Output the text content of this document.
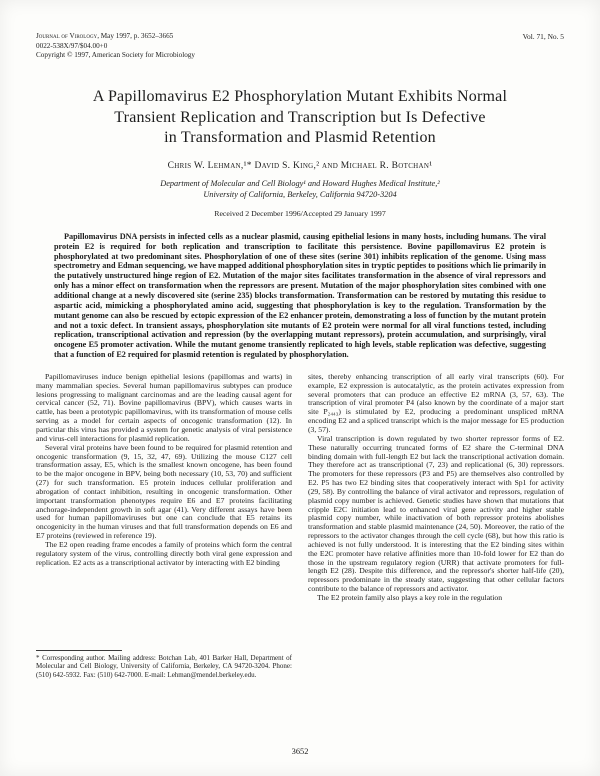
Journal of Virology, May 1997, p. 3652–3665
0022-538X/97/$04.00+0
Copyright © 1997, American Society for Microbiology
Vol. 71, No. 5
A Papillomavirus E2 Phosphorylation Mutant Exhibits Normal
Transient Replication and Transcription but Is Defective
in Transformation and Plasmid Retention
Chris W. Lehman,¹* David S. King,² and Michael R. Botchan¹
Department of Molecular and Cell Biology¹ and Howard Hughes Medical Institute,²
University of California, Berkeley, California 94720-3204
Received 2 December 1996/Accepted 29 January 1997

Papillomavirus DNA persists in infected cells as a nuclear plasmid, causing epithelial lesions in many hosts, including humans. The viral protein E2 is required for both replication and transcription to facilitate this persistence. Bovine papillomavirus E2 protein is phosphorylated at two predominant sites. Phosphorylation of one of these sites (serine 301) inhibits replication of the genome. Using mass spectrometry and Edman sequencing, we have mapped additional phosphorylation sites in tryptic peptides to positions which lie primarily in the putatively unstructured hinge region of E2. Mutation of the major sites facilitates transformation in the absence of viral repressors and only has a minor effect on transformation when the repressors are present. Mutation of the major phosphorylation sites combined with one additional change at a newly discovered site (serine 235) blocks transformation. Transformation can be restored by mutating this residue to aspartic acid, mimicking a phosphorylated amino acid, suggesting that phosphorylation is key to the regulation. Transformation by the mutant genome can also be rescued by ectopic expression of the E2 enhancer protein, demonstrating a loss of function by the mutant protein and not a toxic defect. In transient assays, phosphorylation site mutants of E2 protein were normal for all viral functions tested, including replication, transcriptional activation and repression (by the overlapping mutant repressors), protein accumulation, and surprisingly, viral oncogene E5 promoter activation. While the mutant genome transiently replicated to high levels, stable replication was defective, suggesting that a function of E2 required for plasmid retention is regulated by phosphorylation.

Papillomaviruses induce benign epithelial lesions (papillomas and warts) in many mammalian species. Several human papillomavirus subtypes can produce lesions progressing to malignant carcinomas and are the leading causal agent for cervical cancer (52, 71). Bovine papillomavirus (BPV), which causes warts in cattle, has been a prototypic papillomavirus, with its transformation of mouse cells serving as a model for certain aspects of oncogenic transformation (12). In particular this virus has provided a system for genetic analysis of viral persistence and virus-cell interactions for plasmid replication.

Several viral proteins have been found to be required for plasmid retention and oncogenic transformation (9, 15, 32, 47, 69). Utilizing the mouse C127 cell transformation assay, E5, which is the smallest known oncogene, has been found to be the major oncogene in BPV, being both necessary (10, 53, 70) and sufficient (27) for such transformation. E5 protein induces cellular proliferation and abrogation of contact inhibition, resulting in oncogenic transformation. Other important transformation phenotypes require E6 and E7 proteins facilitating anchorage-independent growth in soft agar (41). Very different assays have been used for human papillomaviruses but one can conclude that E5 retains its oncogenicity in the human viruses and that full transformation depends on E6 and E7 proteins (reviewed in reference 19).

The E2 open reading frame encodes a family of proteins which form the central regulatory system of the virus, controlling directly both viral gene expression and replication. E2 acts as a transcriptional activator by interacting with E2 binding

* Corresponding author. Mailing address: Botchan Lab, 401 Barker Hall, Department of Molecular and Cell Biology, University of California, Berkeley, CA 94720-3204. Phone: (510) 642-5932. Fax: (510) 642-7000. E-mail: Lehman@mendel.berkeley.edu.

sites, thereby enhancing transcription of all early viral transcripts (60). For example, E2 expression is autocatalytic, as the protein activates expression from several promoters that can produce an effective E2 mRNA (3, 57, 63). The transcription of viral promoter P4 (also known by the coordinate of a major start site P₂₄₄₃) is stimulated by E2, producing a predominant unspliced mRNA encoding E2 and a spliced transcript which is the major message for E5 production (3, 57).

Viral transcription is down regulated by two shorter repressor forms of E2. These naturally occurring truncated forms of E2 share the C-terminal DNA binding domain with full-length E2 but lack the transcriptional activation domain. They therefore act as transcriptional (7, 23) and replicational (6, 30) repressors. The promoters for these repressors (P3 and P5) are themselves also controlled by E2. P5 has two E2 binding sites that cooperatively interact with Sp1 for activity (29, 58). By controlling the balance of viral activator and repressors, regulation of plasmid copy number is achieved. Genetic studies have shown that mutations that cripple E2C initiation lead to enhanced viral gene activity and higher stable plasmid copy number, while inactivation of both repressor proteins abolishes transformation and stable plasmid maintenance (24, 50). Moreover, the ratio of the repressors to the activator changes through the cell cycle (68), but how this ratio is achieved is not fully understood. It is interesting that the E2 binding sites within the E2C promoter have relative affinities more than 10-fold lower for E2 than do those in the upstream regulatory region (URR) that activate promoters for full-length E2 (28). Despite this difference, and the repressor's shorter half-life (20), repressors predominate in the steady state, suggesting that other cellular factors contribute to the balance of repressors and activator.

The E2 protein family also plays a key role in the regulation

3652
